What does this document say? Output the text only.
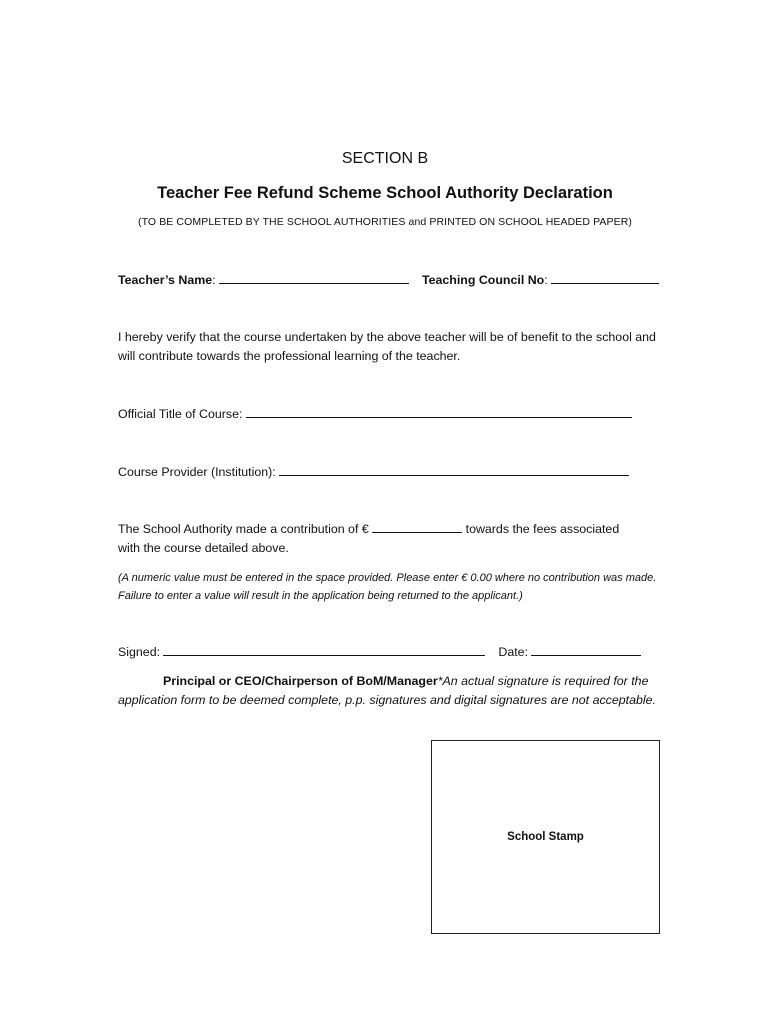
SECTION B
Teacher Fee Refund Scheme School Authority Declaration
(TO BE COMPLETED BY THE SCHOOL AUTHORITIES and PRINTED ON SCHOOL HEADED PAPER)
Teacher’s Name:	Teaching Council No:
I hereby verify that the course undertaken by the above teacher will be of benefit to the school and will contribute towards the professional learning of the teacher.
Official Title of Course:
Course Provider (Institution):
The School Authority made a contribution of €	towards the fees associated
with the course detailed above.
(A numeric value must be entered in the space provided. Please enter € 0.00 where no contribution was made. Failure to enter a value will result in the application being returned to the applicant.)
Signed:	Date:
Principal or CEO/Chairperson of BoM/Manager*An actual signature is required for the application form to be deemed complete, p.p. signatures and digital signatures are not acceptable.
School Stamp
